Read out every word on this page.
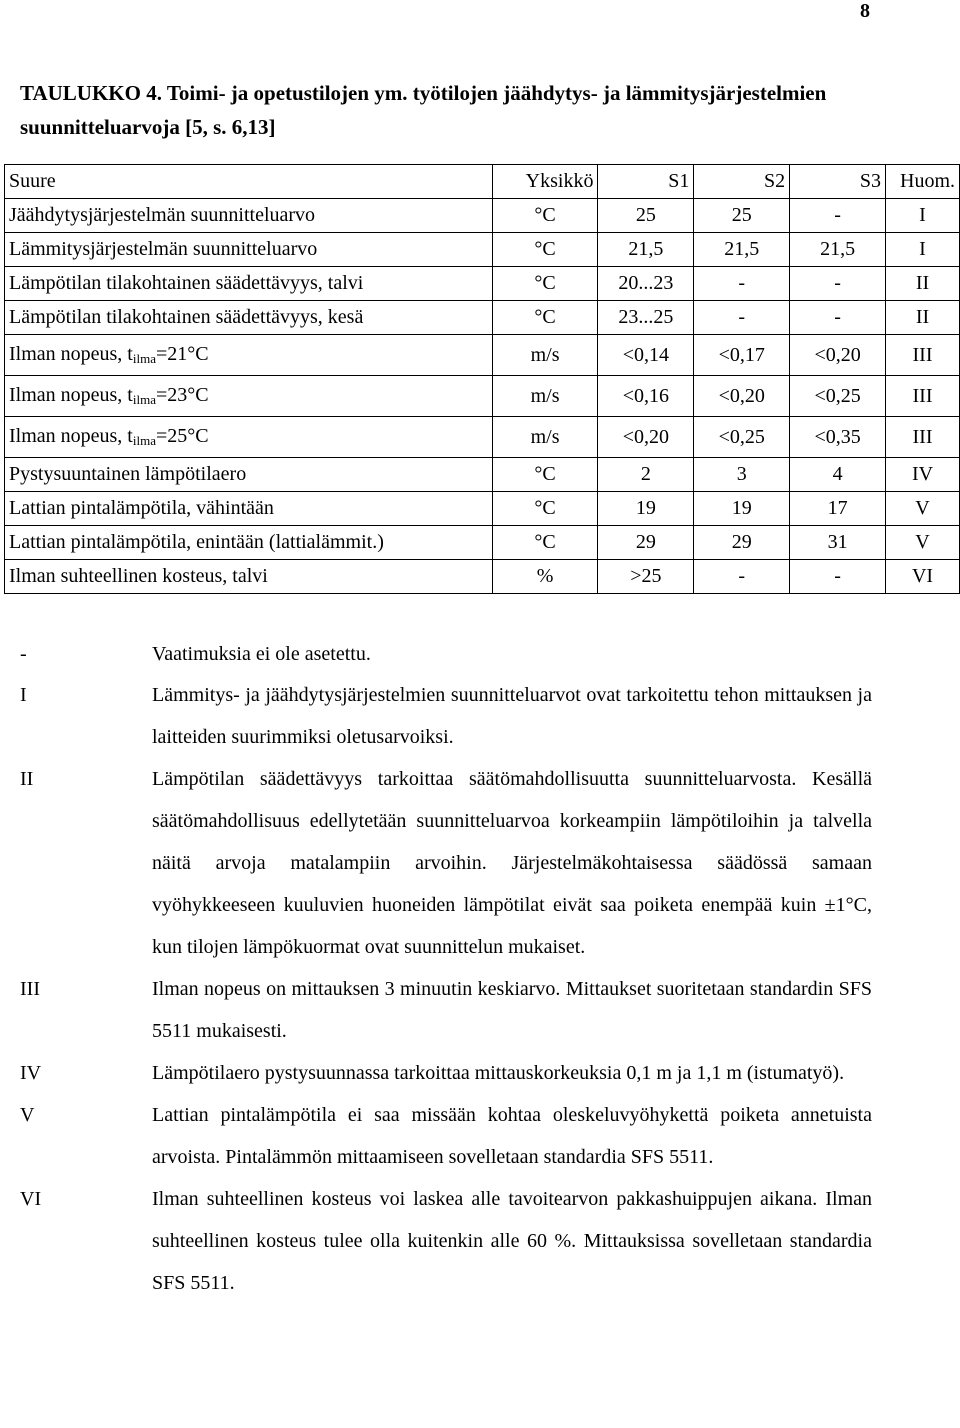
8
TAULUKKO 4. Toimi- ja opetustilojen ym. työtilojen jäähdytys- ja lämmitysjärjestelmien suunnitteluarvoja [5, s. 6,13]
Suure	Yksikkö	S1	S2	S3	Huom.
Jäähdytysjärjestelmän suunnitteluarvo	°C	25	25	-	I
Lämmitysjärjestelmän suunnitteluarvo	°C	21,5	21,5	21,5	I
Lämpötilan tilakohtainen säädettävyys, talvi	°C	20...23	-	-	II
Lämpötilan tilakohtainen säädettävyys, kesä	°C	23...25	-	-	II
Ilman nopeus, $t_{ilma}=21^\circ C$	m/s	<0,14	<0,17	<0,20	III
Ilman nopeus, $t_{ilma}=23^\circ C$	m/s	<0,16	<0,20	<0,25	III
Ilman nopeus, $t_{ilma}=25^\circ C$	m/s	<0,20	<0,25	<0,35	III
Pystysuuntainen lämpötilaero	°C	2	3	4	IV
Lattian pintalämpötila, vähintään	°C	19	19	17	V
Lattian pintalämpötila, enintään (lattialämmit.)	°C	29	29	31	V
Ilman suhteellinen kosteus, talvi	%	>25	-	-	VI
-	Vaatimuksia ei ole asetettu.
I	Lämmitys- ja jäähdytysjärjestelmien suunnitteluarvot ovat tarkoitettu tehon mittauksen ja laitteiden suurimmiksi oletusarvoiksi.
II	Lämpötilan säädettävyys tarkoittaa säätömahdollisuutta suunnitteluarvosta. Kesällä säätömahdollisuus edellytetään suunnitteluarvoa korkeampiin lämpötiloihin ja talvella näitä arvoja matalampiin arvoihin. Järjestelmäkohtaisessa säädössä samaan vyöhykkeeseen kuuluvien huoneiden lämpötilat eivät saa poiketa enempää kuin ±1°C, kun tilojen lämpökuormat ovat suunnittelun mukaiset.
III	Ilman nopeus on mittauksen 3 minuutin keskiarvo. Mittaukset suoritetaan standardin SFS 5511 mukaisesti.
IV	Lämpötilaero pystysuunnassa tarkoittaa mittauskorkeuksia 0,1 m ja 1,1 m (istumatyö).
V	Lattian pintalämpötila ei saa missään kohtaa oleskeluvyöhykettä poiketa annetuista arvoista. Pintalämmön mittaamiseen sovelletaan standardia SFS 5511.
VI	Ilman suhteellinen kosteus voi laskea alle tavoitearvon pakkashuippujen aikana. Ilman suhteellinen kosteus tulee olla kuitenkin alle 60 %. Mittauksissa sovelletaan standardia SFS 5511.
